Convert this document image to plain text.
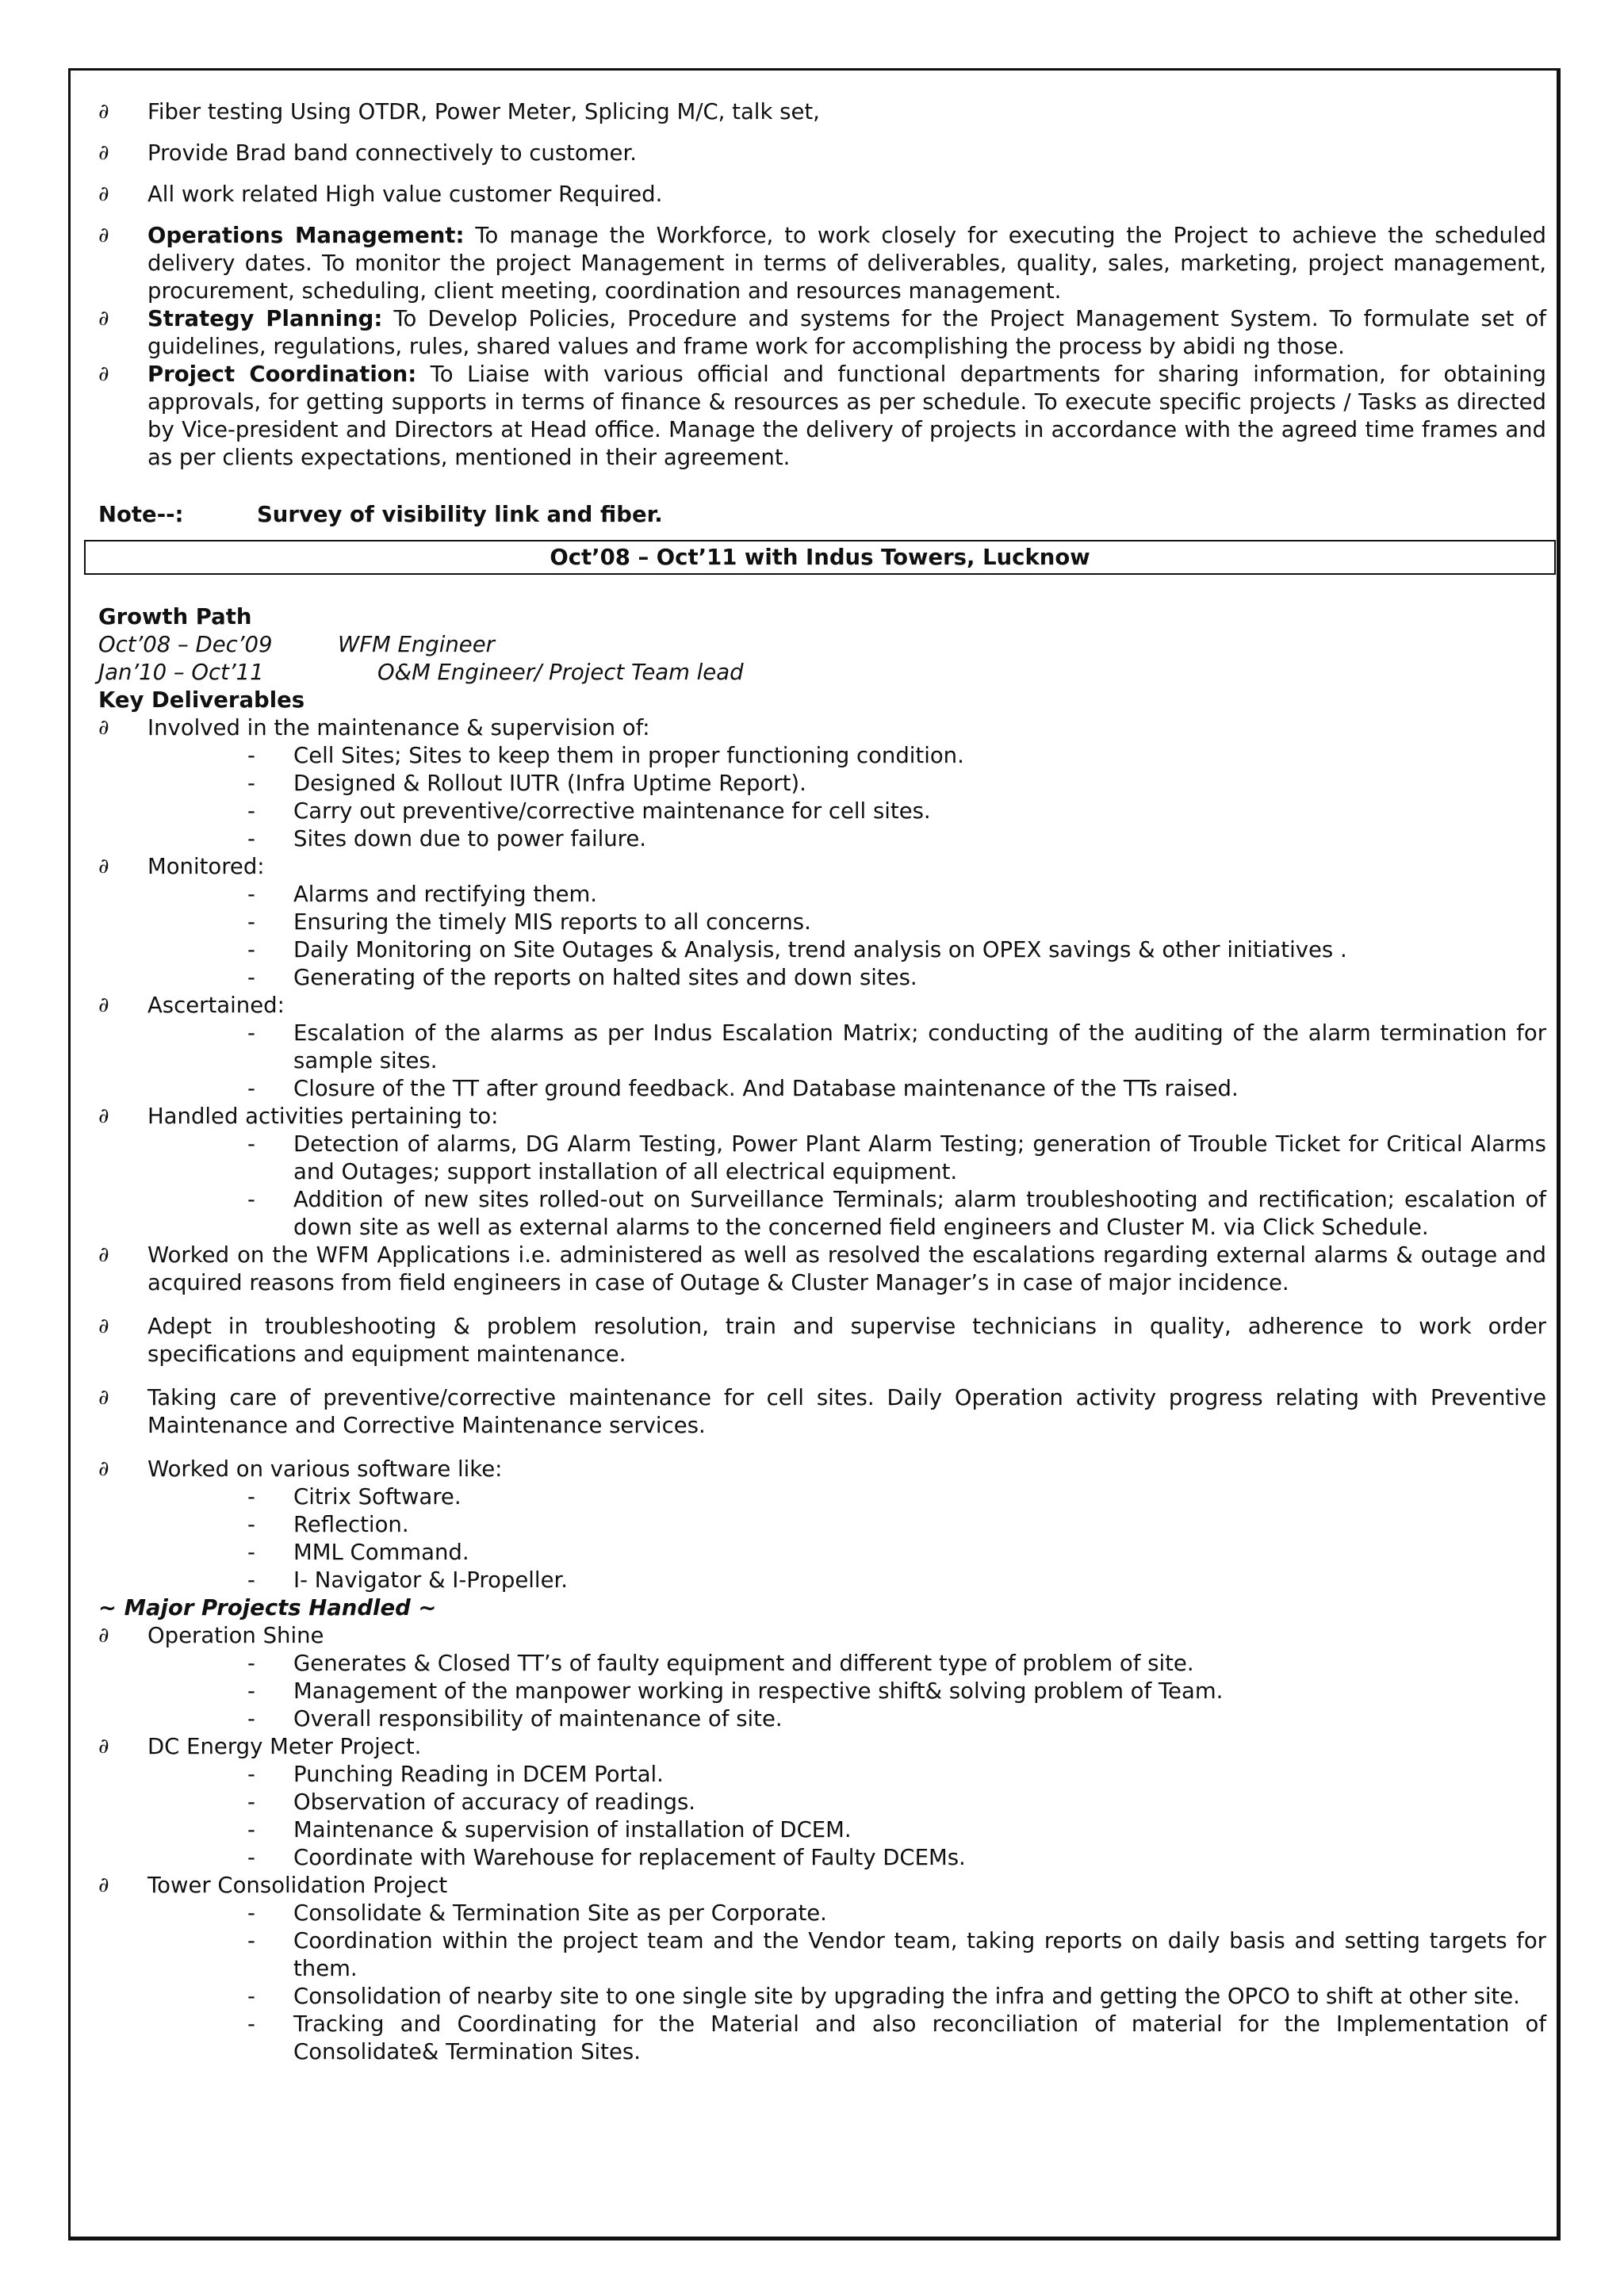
∂ Fiber testing Using OTDR, Power Meter, Splicing M/C, talk set,
∂ Provide Brad band connectively to customer.
∂ All work related High value customer Required.
∂ Operations Management: To manage the Workforce, to work closely for executing the Project to achieve the scheduled delivery dates. To monitor the project Management in terms of deliverables, quality, sales, marketing, project management, procurement, scheduling, client meeting, coordination and resources management.
∂ Strategy Planning: To Develop Policies, Procedure and systems for the Project Management System. To formulate set of guidelines, regulations, rules, shared values and frame work for accomplishing the process by abidi ng those.
∂ Project Coordination: To Liaise with various official and functional departments for sharing information, for obtaining approvals, for getting supports in terms of finance & resources as per schedule. To execute specific projects / Tasks as directed by Vice-president and Directors at Head office. Manage the delivery of projects in accordance with the agreed time frames and as per clients expectations, mentioned in their agreement.
Note--:	Survey of visibility link and fiber.
Oct’08 – Oct’11 with Indus Towers, Lucknow
Growth Path
Oct’08 – Dec’09	WFM Engineer
Jan’10 – Oct’11	O&M Engineer/ Project Team lead
Key Deliverables
∂ Involved in the maintenance & supervision of:
- Cell Sites; Sites to keep them in proper functioning condition.
- Designed & Rollout IUTR (Infra Uptime Report).
- Carry out preventive/corrective maintenance for cell sites.
- Sites down due to power failure.
∂ Monitored:
- Alarms and rectifying them.
- Ensuring the timely MIS reports to all concerns.
- Daily Monitoring on Site Outages & Analysis, trend analysis on OPEX savings & other initiatives .
- Generating of the reports on halted sites and down sites.
∂ Ascertained:
- Escalation of the alarms as per Indus Escalation Matrix; conducting of the auditing of the alarm termination for sample sites.
- Closure of the TT after ground feedback. And Database maintenance of the TTs raised.
∂ Handled activities pertaining to:
- Detection of alarms, DG Alarm Testing, Power Plant Alarm Testing; generation of Trouble Ticket for Critical Alarms and Outages; support installation of all electrical equipment.
- Addition of new sites rolled-out on Surveillance Terminals; alarm troubleshooting and rectification; escalation of down site as well as external alarms to the concerned field engineers and Cluster M. via Click Schedule.
∂ Worked on the WFM Applications i.e. administered as well as resolved the escalations regarding external alarms & outage and acquired reasons from field engineers in case of Outage & Cluster Manager’s in case of major incidence.
∂ Adept in troubleshooting & problem resolution, train and supervise technicians in quality, adherence to work order specifications and equipment maintenance.
∂ Taking care of preventive/corrective maintenance for cell sites. Daily Operation activity progress relating with Preventive Maintenance and Corrective Maintenance services.
∂ Worked on various software like:
- Citrix Software.
- Reflection.
- MML Command.
- I- Navigator & I-Propeller.
~ Major Projects Handled ~
∂ Operation Shine
- Generates & Closed TT’s of faulty equipment and different type of problem of site.
- Management of the manpower working in respective shift& solving problem of Team.
- Overall responsibility of maintenance of site.
∂ DC Energy Meter Project.
- Punching Reading in DCEM Portal.
- Observation of accuracy of readings.
- Maintenance & supervision of installation of DCEM.
- Coordinate with Warehouse for replacement of Faulty DCEMs.
∂ Tower Consolidation Project
- Consolidate & Termination Site as per Corporate.
- Coordination within the project team and the Vendor team, taking reports on daily basis and setting targets for them.
- Consolidation of nearby site to one single site by upgrading the infra and getting the OPCO to shift at other site.
- Tracking and Coordinating for the Material and also reconciliation of material for the Implementation of Consolidate& Termination Sites.
